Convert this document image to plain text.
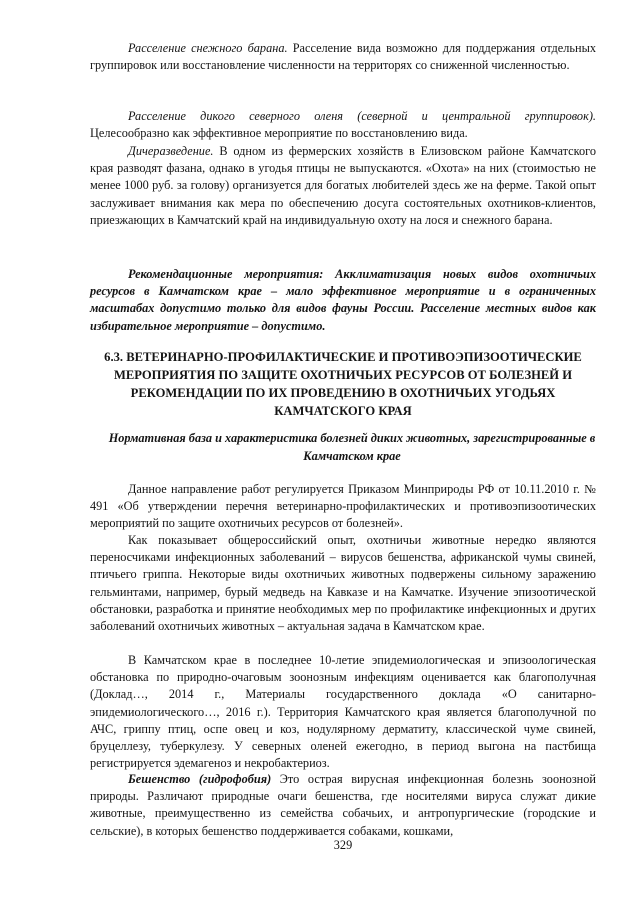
Расселение снежного барана. Расселение вида возможно для поддержания отдельных группировок или восстановление численности на территорях со сниженной численностью.

Расселение дикого северного оленя (северной и центральной группировок). Целесообразно как эффективное мероприятие по восстановлению вида.

Дичеразведение. В одном из фермерских хозяйств в Елизовском районе Камчатского края разводят фазана, однако в угодья птицы не выпускаются. «Охота» на них (стоимостью не менее 1000 руб. за голову) организуется для богатых любителей здесь же на ферме. Такой опыт заслуживает внимания как мера по обеспечению досуга состоятельных охотников-клиентов, приезжающих в Камчатский край на индивидуальную охоту на лося и снежного барана.

Рекомендационные мероприятия: Акклиматизация новых видов охотничьих ресурсов в Камчатском крае – мало эффективное мероприятие и в ограниченных масштабах допустимо только для видов фауны России. Расселение местных видов как избирательное мероприятие – допустимо.

6.3. ВЕТЕРИНАРНО-ПРОФИЛАКТИЧЕСКИЕ И ПРОТИВОЭПИЗООТИЧЕСКИЕ МЕРОПРИЯТИЯ ПО ЗАЩИТЕ ОХОТНИЧЬИХ РЕСУРСОВ ОТ БОЛЕЗНЕЙ И РЕКОМЕНДАЦИИ ПО ИХ ПРОВЕДЕНИЮ В ОХОТНИЧЬИХ УГОДЬЯХ КАМЧАТСКОГО КРАЯ

Нормативная база и характеристика болезней диких животных, зарегистрированные в Камчатском крае

Данное направление работ регулируется Приказом Минприроды РФ от 10.11.2010 г. № 491 «Об утверждении перечня ветеринарно-профилактических и противоэпизоотических мероприятий по защите охотничьих ресурсов от болезней».

Как показывает общероссийский опыт, охотничьи животные нередко являются переносчиками инфекционных заболеваний – вирусов бешенства, африканской чумы свиней, птичьего гриппа. Некоторые виды охотничьих животных подвержены сильному заражению гельминтами, например, бурый медведь на Кавказе и на Камчатке. Изучение эпизоотической обстановки, разработка и принятие необходимых мер по профилактике инфекционных и других заболеваний охотничьих животных – актуальная задача в Камчатском крае.

В Камчатском крае в последнее 10-летие эпидемиологическая и эпизоологическая обстановка по природно-очаговым зоонозным инфекциям оценивается как благополучная (Доклад…, 2014 г., Материалы государственного доклада «О санитарно-эпидемиологического…, 2016 г.). Территория Камчатского края является благополучной по АЧС, гриппу птиц, оспе овец и коз, нодулярному дерматиту, классической чуме свиней, бруцеллезу, туберкулезу. У северных оленей ежегодно, в период выгона на пастбища регистрируется эдемагеноз и некробактериоз.

Бешенство (гидрофобия) Это острая вирусная инфекционная болезнь зоонозной природы. Различают природные очаги бешенства, где носителями вируса служат дикие животные, преимущественно из семейства собачьих, и антропургические (городские и сельские), в которых бешенство поддерживается собаками, кошками,

329
